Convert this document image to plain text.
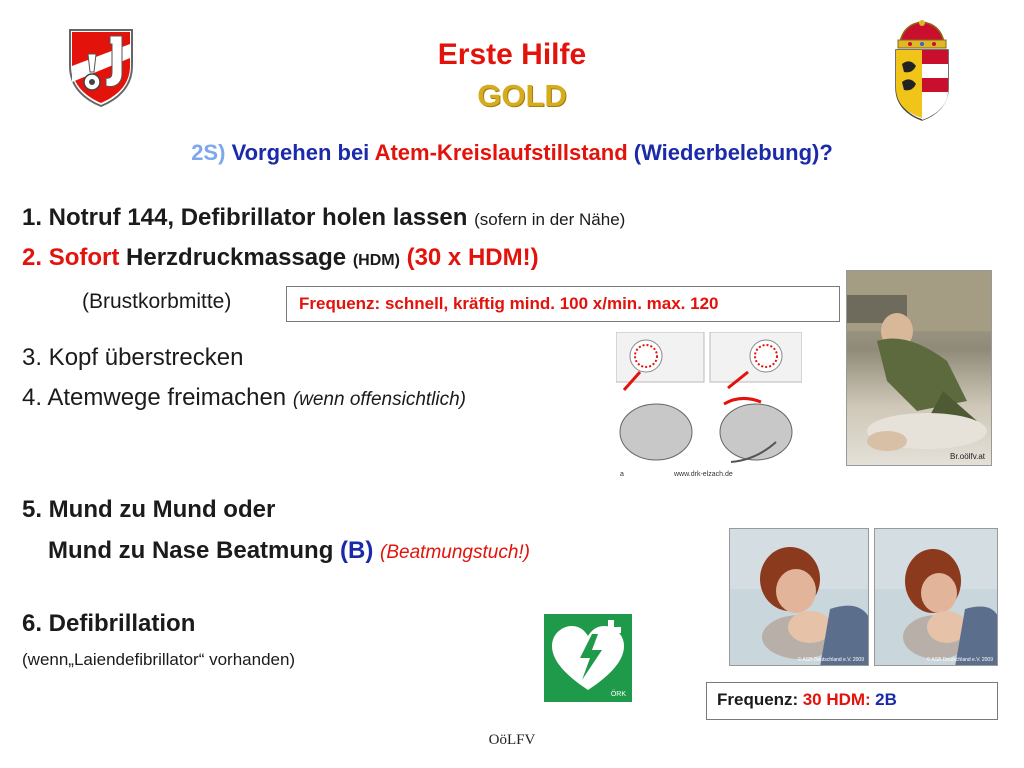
Erste Hilfe
GOLD
2S) Vorgehen bei Atem-Kreislaufstillstand (Wiederbelebung)?
1. Notruf 144, Defibrillator holen lassen (sofern in der Nähe)
2. Sofort Herzdruckmassage (HDM) (30 x HDM!)
(Brustkorbmitte)	Frequenz: schnell, kräftig mind. 100 x/min. max. 120
3. Kopf überstrecken
4. Atemwege freimachen (wenn offensichtlich)
5. Mund zu Mund oder
Mund zu Nase Beatmung (B) (Beatmungstuch!)
6. Defibrillation
(wenn„Laiendefibrillator“ vorhanden)
a	www.drk-elzach.de
Br.oölfv.at
ÖRK
© ASB Deutschland e.V. 2009	© ASB Deutschland e.V. 2009
Frequenz: 30 HDM: 2B
OöLFV
